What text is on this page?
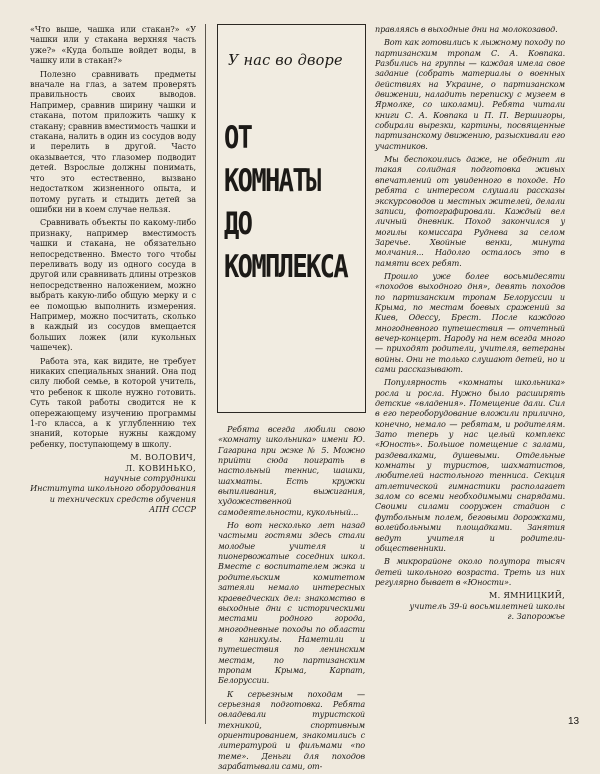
«Что выше, чашка или стакан?» «У чашки или у стакана верхняя часть уже?» «Куда больше войдет воды, в чашку или в стакан?»

Полезно сравнивать предметы вначале на глаз, а затем проверять правильность своих выводов. Например, сравнив ширину чашки и стакана, потом приложить чашку к стакану; сравнив вместимость чашки и стакана, налить в один из сосудов воду и перелить в другой. Часто оказывается, что глазомер подводит детей. Взрослые должны понимать, что это естественно, вызвано недостатком жизненного опыта, и потому ругать и стыдить детей за ошибки ни в коем случае нельзя.

Сравнивать объекты по какому-либо признаку, например вместимость чашки и стакана, не обязательно непосредственно. Вместо того чтобы переливать воду из одного сосуда в другой или сравнивать длины отрезков непосредственно наложением, можно выбрать какую-либо общую мерку и с ее помощью выполнить измерения. Например, можно посчитать, сколько в каждый из сосудов вмещается больших ложек (или кукольных чашечек).

Работа эта, как видите, не требует никаких специальных знаний. Она под силу любой семье, в которой учитель, что ребенок к школе нужно готовить. Суть такой работы сводится не к опережающему изучению программы 1-го класса, а к углубленнию тех знаний, которые нужны каждому ребенку, поступающему в школу.

М. ВОЛОВИЧ,
Л. КОВИНЬКО,
научные сотрудники
Института школьного оборудования и технических средств обучения
АПН СССР
У нас во дворе
ОТ
КОМНАТЫ
ДО
КОМПЛЕКСА

Ребята всегда любили свою «комнату школьника» имени Ю. Гагарина при жэке № 5. Можно прийти сюда поиграть в настольный теннис, шашки, шахматы. Есть кружки выпиливания, выжигания, художественной самодеятельности, кукольный...

Но вот несколько лет назад частыми гостями здесь стали молодые учителя и пионервожатые соседних школ. Вместе с воспитателем жэка и родительским комитетом затеяли немало интересных краеведческих дел: знакомство в выходные дни с историческими местами родного города, многодневные походы по области в каникулы. Наметили и путешествия по ленинским местам, по партизанским тропам Крыма, Карпат, Белоруссии.

К серьезным походам — серьезная подготовка. Ребята овладевали туристской техникой, спортивным ориентированием, знакомились с литературой и фильмами «по теме». Деньги для походов зарабатывали сами, от-

правляясь в выходные дни на молокозавод.

Вот как готовились к лыжному походу по партизанским тропам С. А. Ковпака. Разбились на группы — каждая имела свое задание (собрать материалы о военных действиях на Украине, о партизанском движении, наладить переписку с музеем в Ярмолке, со школами). Ребята читали книги С. А. Ковпака и П. П. Вершигоры, собирали вырезки, картины, посвященные партизанскому движению, разыскивали его участников.

Мы беспокоились даже, не обеднит ли такая солидная подготовка живых впечатлений от увиденного в походе. Но ребята с интересом слушали рассказы экскурсоводов и местных жителей, делали записи, фотографировали. Каждый вел личный дневник. Поход закончился у могилы комиссара Руднева за селом Заречье. Хвойные венки, минута молчания... Надолго осталось это в памяти всех ребят.

Прошло уже более восьмидесяти «походов выходного дня», девять походов по партизанским тропам Белоруссии и Крыма, по местам боевых сражений за Киев, Одессу, Брест. После каждого многодневного путешествия — отчетный вечер-концерт. Народу на нем всегда много — приходят родители, учителя, ветераны войны. Они не только слушают детей, но и сами рассказывают.

Популярность «комнаты школьника» росла и росла. Нужно было расширять детские «владения». Помещение дали. Сил в его переоборудование вложили прилично, конечно, немало — ребятам, и родителям. Зато теперь у нас целый комплекс «Юность». Большое помещение с залами, раздевалками, душевыми. Отдельные комнаты у туристов, шахматистов, любителей настольного тенниса. Секция атлетической гимнастики располагает залом со всеми необходимыми снарядами. Своими силами сооружен стадион с футбольным полем, беговыми дорожками, волейбольными площадками. Занятия ведут учителя и родители-общественники.

В микрорайоне около полутора тысяч детей школьного возраста. Треть из них регулярно бывает в «Юности».

М. ЯМНИЦКИЙ,
учитель 39-й восьмилетней школы
г. Запорожье
13
